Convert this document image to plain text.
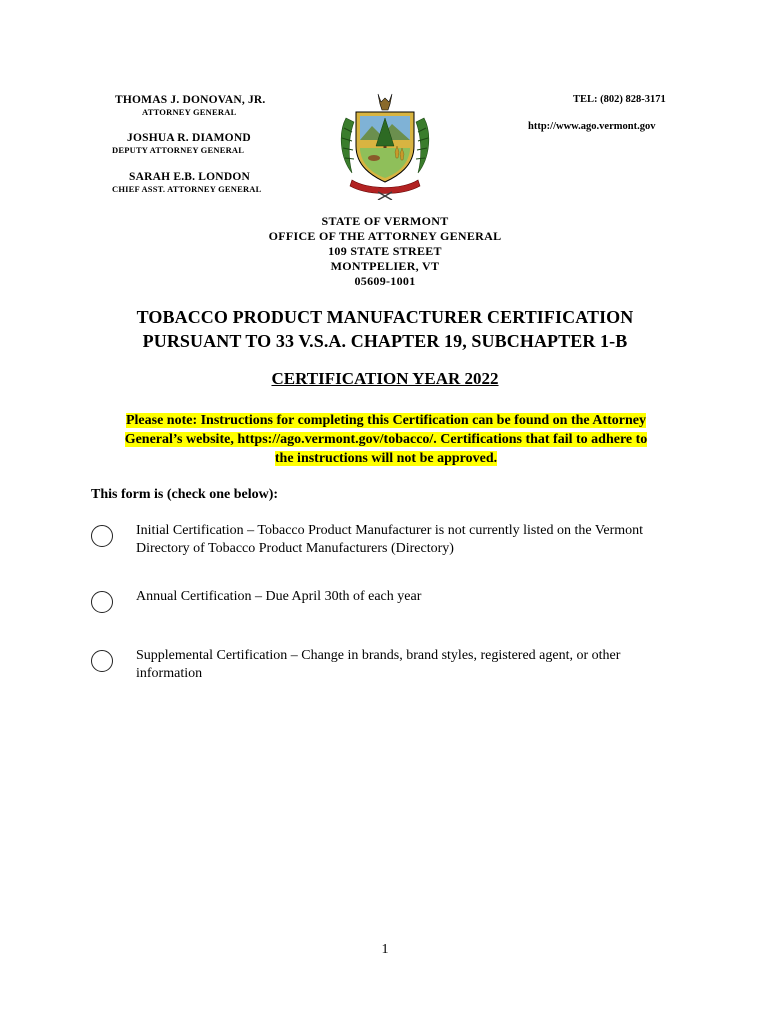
THOMAS J. DONOVAN, JR.
ATTORNEY GENERAL
JOSHUA R. DIAMOND
DEPUTY ATTORNEY GENERAL
SARAH E.B. LONDON
CHIEF ASST. ATTORNEY GENERAL
TEL: (802) 828-3171
http://www.ago.vermont.gov
STATE OF VERMONT
OFFICE OF THE ATTORNEY GENERAL
109 STATE STREET
MONTPELIER, VT
05609-1001
TOBACCO PRODUCT MANUFACTURER CERTIFICATION
PURSUANT TO 33 V.S.A. CHAPTER 19, SUBCHAPTER 1-B
CERTIFICATION YEAR 2022
Please note: Instructions for completing this Certification can be found on the Attorney
General’s website, https://ago.vermont.gov/tobacco/. Certifications that fail to adhere to
the instructions will not be approved.
This form is (check one below):
Initial Certification – Tobacco Product Manufacturer is not currently listed on the Vermont Directory of Tobacco Product Manufacturers (Directory)
Annual Certification – Due April 30th of each year
Supplemental Certification – Change in brands, brand styles, registered agent, or other information
1
